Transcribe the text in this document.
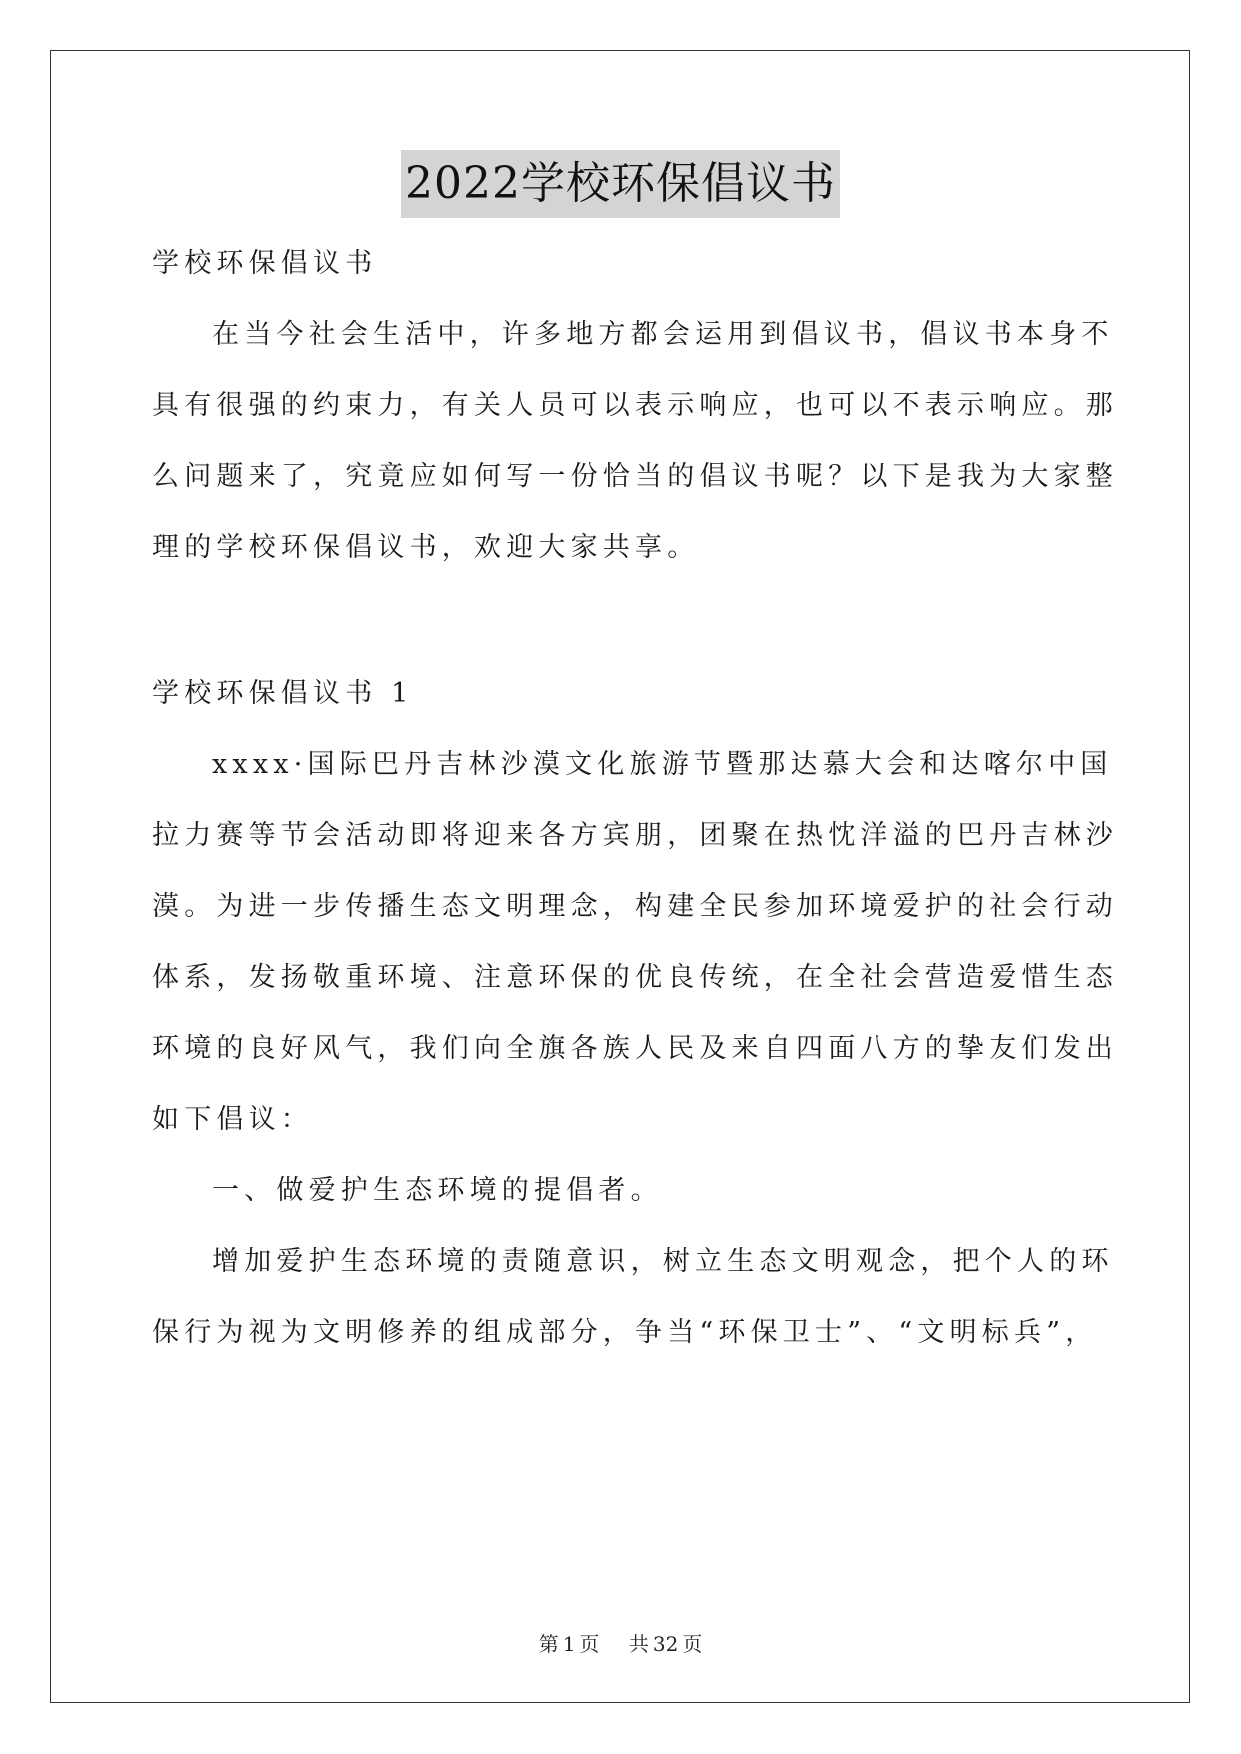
2022学校环保倡议书
学校环保倡议书
在当今社会生活中，许多地方都会运用到倡议书，倡议书本身不
具有很强的约束力，有关人员可以表示响应，也可以不表示响应。那
么问题来了，究竟应如何写一份恰当的倡议书呢？以下是我为大家整
理的学校环保倡议书，欢迎大家共享。
学校环保倡议书 1
xxxx·国际巴丹吉林沙漠文化旅游节暨那达慕大会和达喀尔中国
拉力赛等节会活动即将迎来各方宾朋，团聚在热忱洋溢的巴丹吉林沙
漠。为进一步传播生态文明理念，构建全民参加环境爱护的社会行动
体系，发扬敬重环境、注意环保的优良传统，在全社会营造爱惜生态
环境的良好风气，我们向全旗各族人民及来自四面八方的挚友们发出
如下倡议：
一、做爱护生态环境的提倡者。
增加爱护生态环境的责随意识，树立生态文明观念，把个人的环
保行为视为文明修养的组成部分，争当“环保卫士”、“文明标兵”，
第 1 页 共 32 页
